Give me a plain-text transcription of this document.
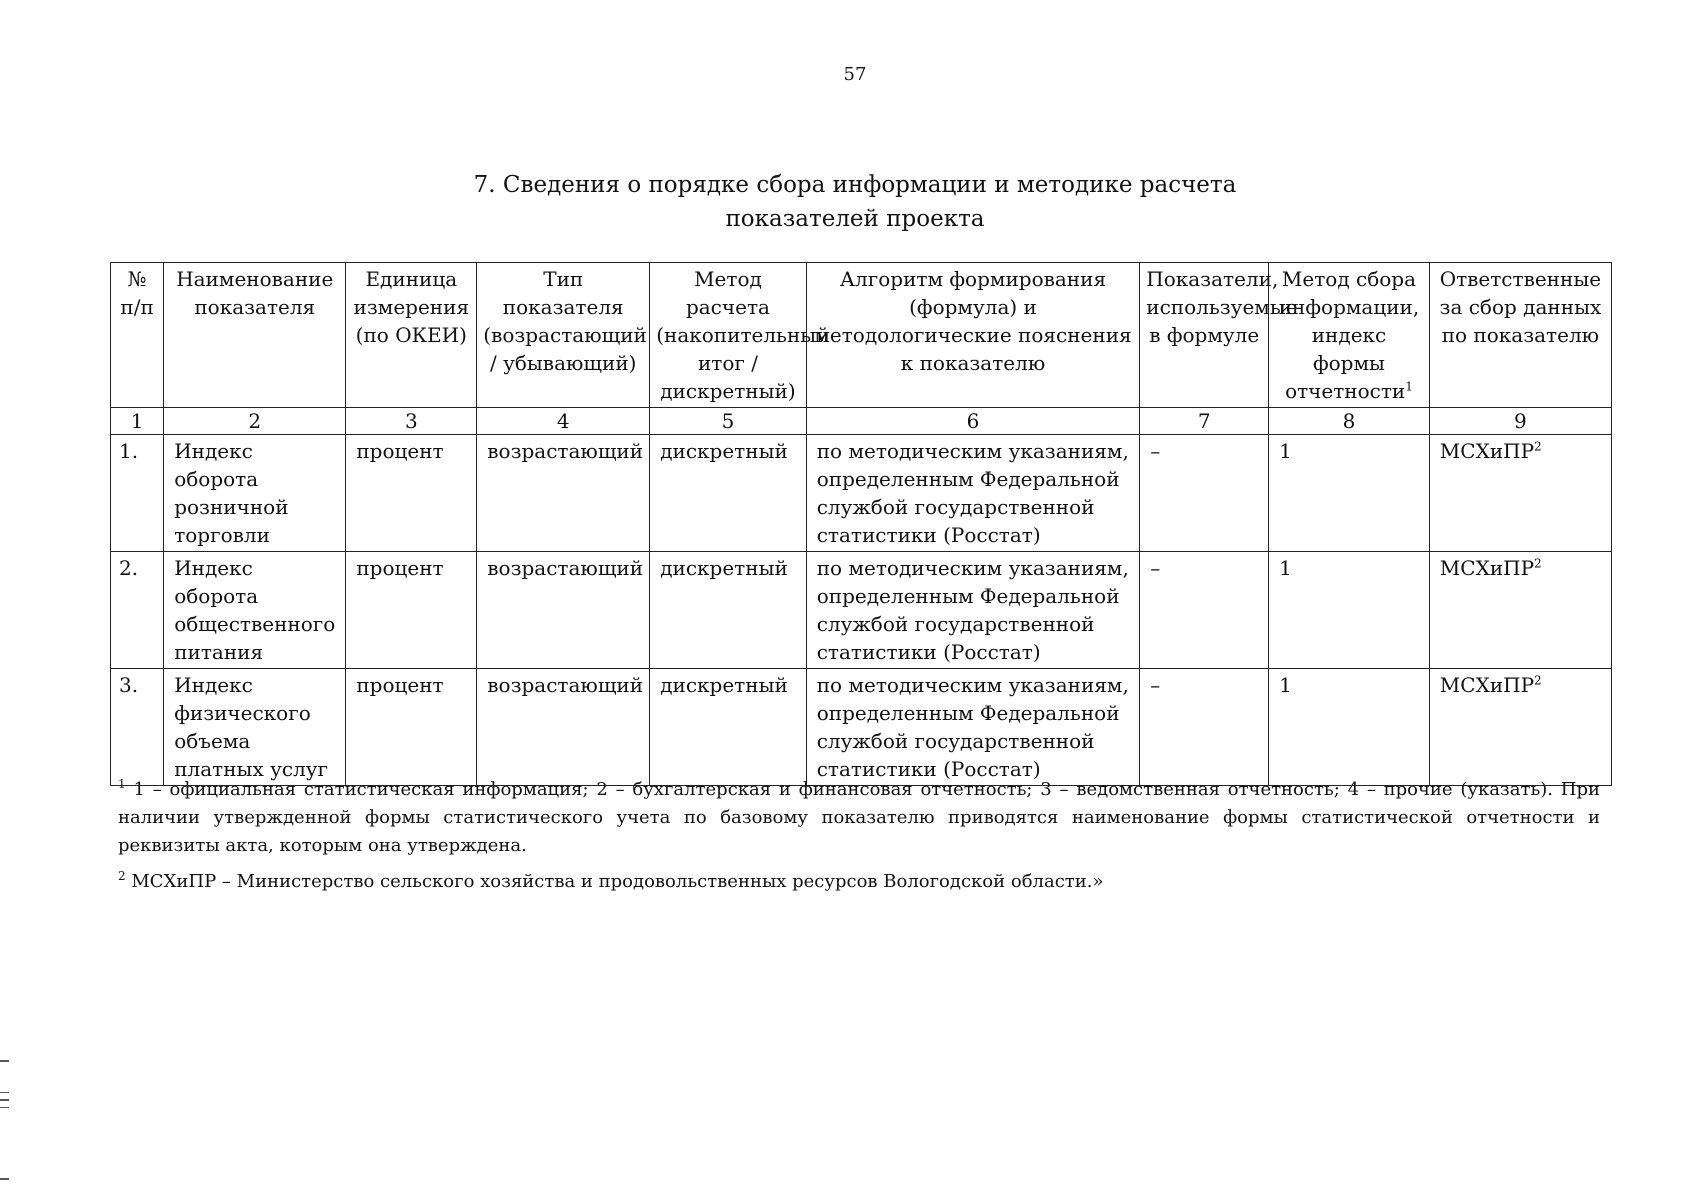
57
7. Сведения о порядке сбора информации и методике расчета
показателей проекта
№ п/п	Наименование показателя	Единица измерения (по ОКЕИ)	Тип показателя (возрастающий / убывающий)	Метод расчета (накопительный итог / дискретный)	Алгоритм формирования (формула) и методологические пояснения к показателю	Показатели, используемые в формуле	Метод сбора информации, индекс формы отчетности$^1$	Ответственные за сбор данных по показателю
1	2	3	4	5	6	7	8	9
1.	Индекс оборота розничной торговли	процент	возрастающий	дискретный	по методическим указаниям, определенным Федеральной службой государственной статистики (Росстат)	–	1	МСХиПР$^2$
2.	Индекс оборота общественного питания	процент	возрастающий	дискретный	по методическим указаниям, определенным Федеральной службой государственной статистики (Росстат)	–	1	МСХиПР$^2$
3.	Индекс физического объема платных услуг	процент	возрастающий	дискретный	по методическим указаниям, определенным Федеральной службой государственной статистики (Росстат)	–	1	МСХиПР$^2$

$^1$ 1 – официальная статистическая информация; 2 – бухгалтерская и финансовая отчетность; 3 – ведомственная отчетность; 4 – прочие (указать). При наличии утвержденной формы статистического учета по базовому показателю приводятся наименование формы статистической отчетности и реквизиты акта, которым она утверждена.

$^2$ МСХиПР – Министерство сельского хозяйства и продовольственных ресурсов Вологодской области.»
